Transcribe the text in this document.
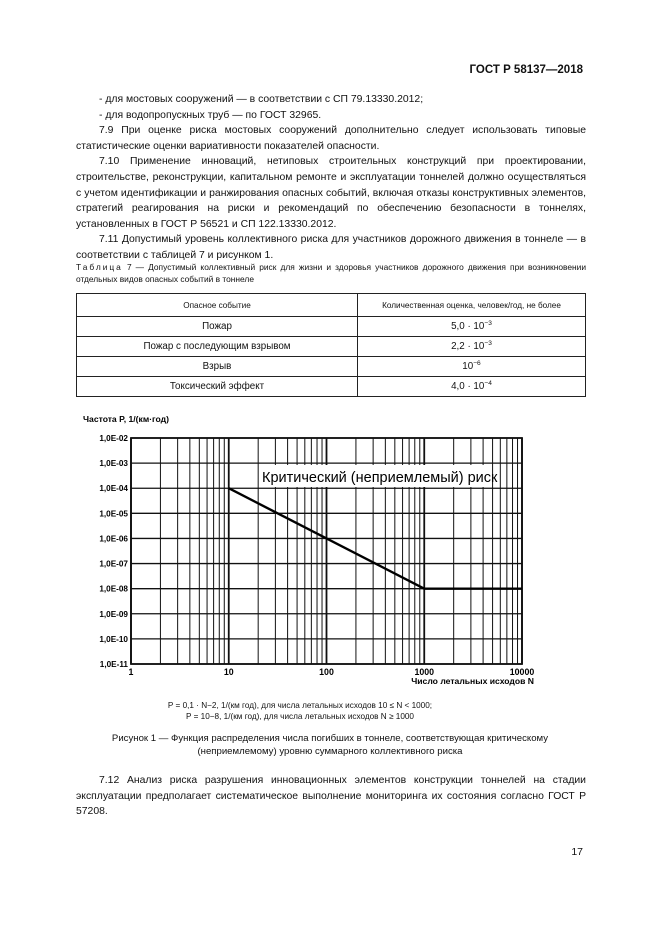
ГОСТ Р 58137—2018

- для мостовых сооружений — в соответствии с СП 79.13330.2012;

- для водопропускных труб — по ГОСТ 32965.

7.9 При оценке риска мостовых сооружений дополнительно следует использовать типовые статистические оценки вариативности показателей опасности.

7.10 Применение инноваций, нетиповых строительных конструкций при проектировании, строительстве, реконструкции, капитальном ремонте и эксплуатации тоннелей должно осуществляться с учетом идентификации и ранжирования опасных событий, включая отказы конструктивных элементов, стратегий реагирования на риски и рекомендаций по обеспечению безопасности в тоннелях, установленных в ГОСТ Р 56521 и СП 122.13330.2012.

7.11 Допустимый уровень коллективного риска для участников дорожного движения в тоннеле — в соответствии с таблицей 7 и рисунком 1.

Таблица 7 — Допустимый коллективный риск для жизни и здоровья участников дорожного движения при возникновении отдельных видов опасных событий в тоннеле
Опасное событие	Количественная оценка, человек/год, не более
Пожар	$5,0 \cdot 10^{-3}$
Пожар с последующим взрывом	$2,2 \cdot 10^{-3}$
Взрыв	$10^{-6}$
Токсический эффект	$4,0 \cdot 10^{-4}$
1,0E-02
1,0E-03
1,0E-04
1,0E-05
1,0E-06
1,0E-07
1,0E-08
1,0E-09
1,0E-10
1,0E-11
1	10	100	1000	10000
Частота P, 1/(км·год)
Число летальных исходов N
Критический (неприемлемый) риск
P = 0,1 · N−2, 1/(км год), для числа летальных исходов 10 ≤ N < 1000;
P = 10−8, 1/(км год), для числа летальных исходов N ≥ 1000
Рисунок 1 — Функция распределения числа погибших в тоннеле, соответствующая критическому (неприемлемому) уровню суммарного коллективного риска

7.12 Анализ риска разрушения инновационных элементов конструкции тоннелей на стадии эксплуатации предполагает систематическое выполнение мониторинга их состояния согласно ГОСТ Р 57208.

17
